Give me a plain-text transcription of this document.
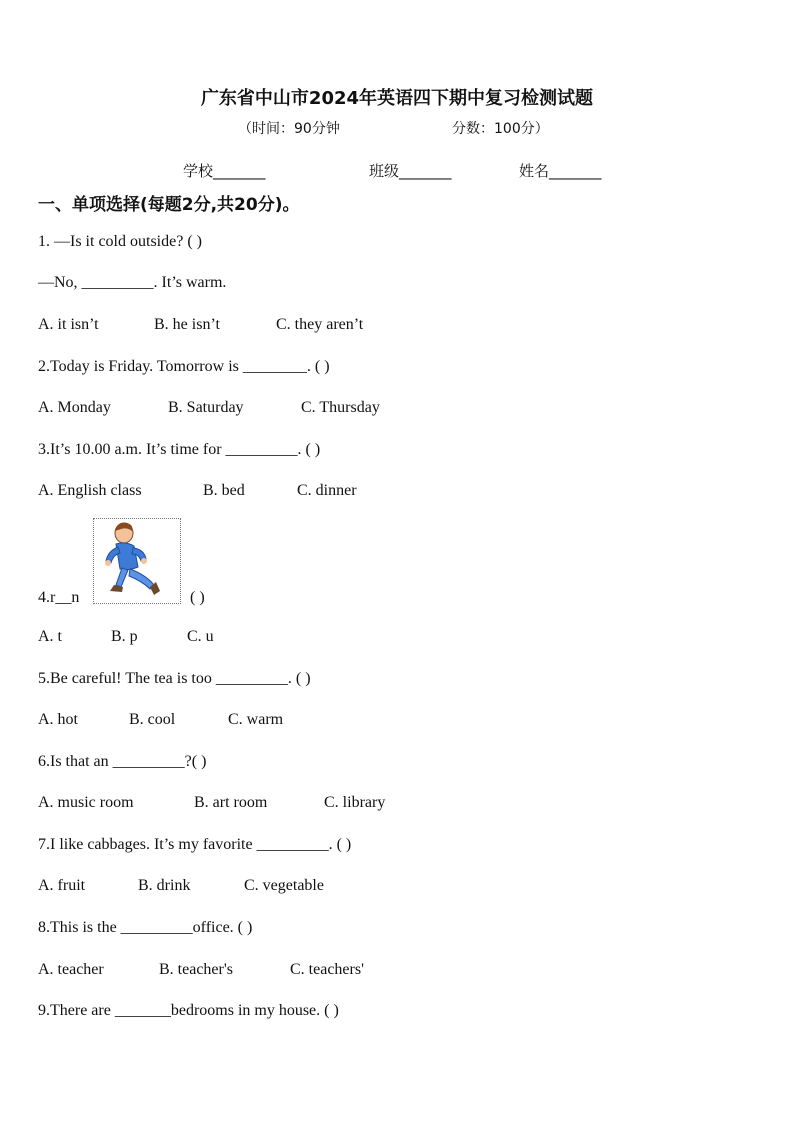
广东省中山市2024年英语四下期中复习检测试题
（时间：90分钟	分数：100分）
学校_______	班级_______	姓名_______
一、单项选择(每题2分,共20分)。
1. —Is it cold outside? ( )
—No, _________. It’s warm.
A. it isn’t	B. he isn’t	C. they aren’t
2.Today is Friday. Tomorrow is ________. ( )
A. Monday	B. Saturday	C. Thursday
3.It’s 10.00 a.m. It’s time for _________. ( )
A. English class	B. bed	C. dinner
4.r__n	( )
A. t	B. p	C. u
5.Be careful! The tea is too _________. ( )
A. hot	B. cool	C. warm
6.Is that an _________?( )
A. music room	B. art room	C. library
7.I like cabbages. It’s my favorite _________. ( )
A. fruit	B. drink	C. vegetable
8.This is the _________office. ( )
A. teacher	B. teacher's	C. teachers'
9.There are _______bedrooms in my house. ( )
